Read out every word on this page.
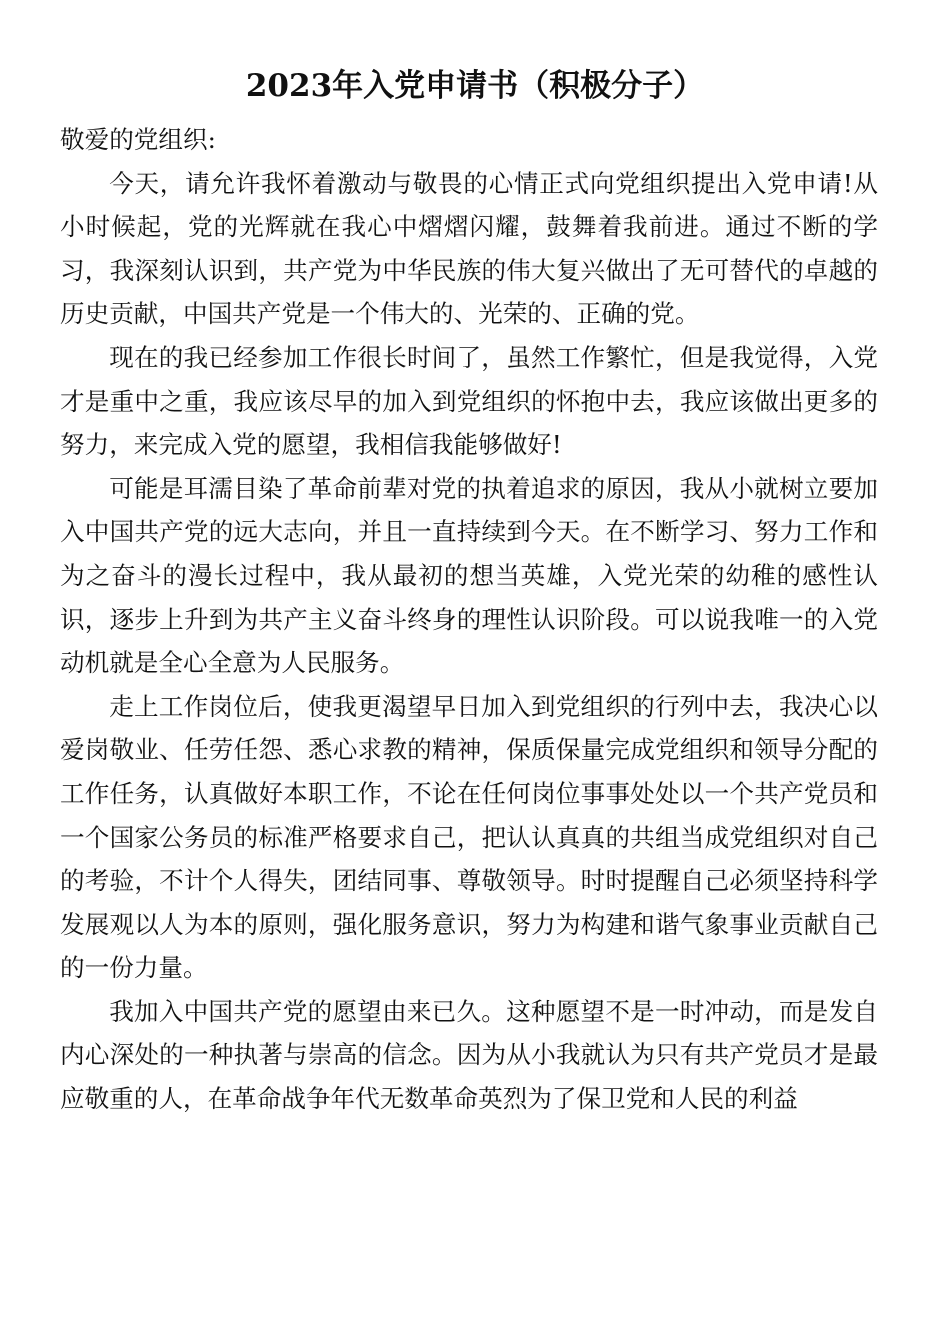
2023年入党申请书（积极分子）

敬爱的党组织:

今天，请允许我怀着激动与敬畏的心情正式向党组织提出入党申请!从小时候起，党的光辉就在我心中熠熠闪耀，鼓舞着我前进。通过不断的学习，我深刻认识到，共产党为中华民族的伟大复兴做出了无可替代的卓越的历史贡献，中国共产党是一个伟大的、光荣的、正确的党。

现在的我已经参加工作很长时间了，虽然工作繁忙，但是我觉得，入党才是重中之重，我应该尽早的加入到党组织的怀抱中去，我应该做出更多的努力，来完成入党的愿望，我相信我能够做好!

可能是耳濡目染了革命前辈对党的执着追求的原因，我从小就树立要加入中国共产党的远大志向，并且一直持续到今天。在不断学习、努力工作和为之奋斗的漫长过程中，我从最初的想当英雄，入党光荣的幼稚的感性认识，逐步上升到为共产主义奋斗终身的理性认识阶段。可以说我唯一的入党动机就是全心全意为人民服务。

走上工作岗位后，使我更渴望早日加入到党组织的行列中去，我决心以爱岗敬业、任劳任怨、悉心求教的精神，保质保量完成党组织和领导分配的工作任务，认真做好本职工作，不论在任何岗位事事处处以一个共产党员和一个国家公务员的标准严格要求自己，把认认真真的共组当成党组织对自己的考验，不计个人得失，团结同事、尊敬领导。时时提醒自己必须坚持科学发展观以人为本的原则，强化服务意识，努力为构建和谐气象事业贡献自己的一份力量。

我加入中国共产党的愿望由来已久。这种愿望不是一时冲动，而是发自内心深处的一种执著与崇高的信念。因为从小我就认为只有共产党员才是最应敬重的人，在革命战争年代无数革命英烈为了保卫党和人民的利益
